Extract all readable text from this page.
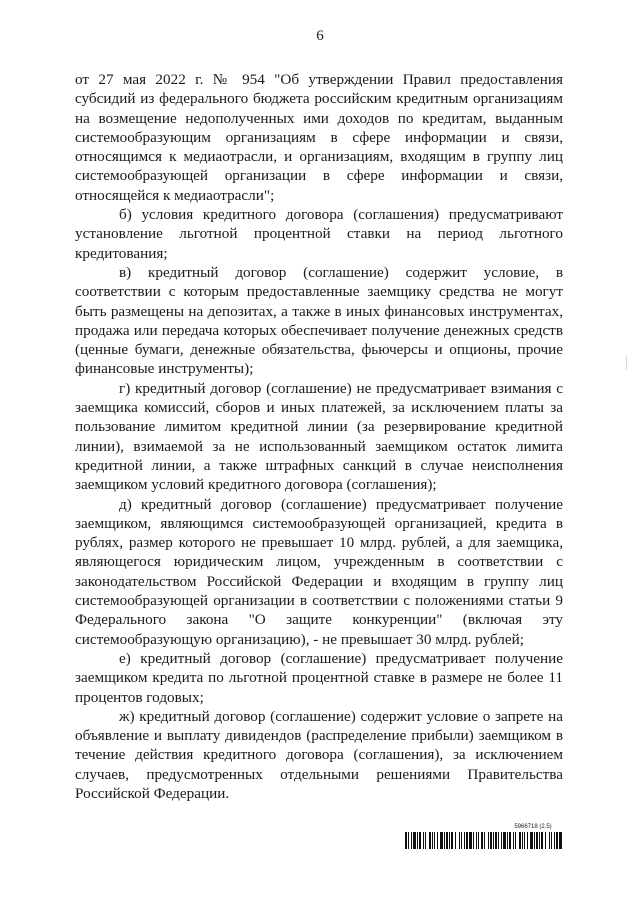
6

от 27 мая 2022 г. № 954 "Об утверждении Правил предоставления субсидий из федерального бюджета российским кредитным организациям на возмещение недополученных ими доходов по кредитам, выданным системообразующим организациям в сфере информации и связи, относящимся к медиаотрасли, и организациям, входящим в группу лиц системообразующей организации в сфере информации и связи, относящейся к медиаотрасли";

б) условия кредитного договора (соглашения) предусматривают установление льготной процентной ставки на период льготного кредитования;

в) кредитный договор (соглашение) содержит условие, в соответствии с которым предоставленные заемщику средства не могут быть размещены на депозитах, а также в иных финансовых инструментах, продажа или передача которых обеспечивает получение денежных средств (ценные бумаги, денежные обязательства, фьючерсы и опционы, прочие финансовые инструменты);

г) кредитный договор (соглашение) не предусматривает взимания с заемщика комиссий, сборов и иных платежей, за исключением платы за пользование лимитом кредитной линии (за резервирование кредитной линии), взимаемой за не использованный заемщиком остаток лимита кредитной линии, а также штрафных санкций в случае неисполнения заемщиком условий кредитного договора (соглашения);

д) кредитный договор (соглашение) предусматривает получение заемщиком, являющимся системообразующей организацией, кредита в рублях, размер которого не превышает 10 млрд. рублей, а для заемщика, являющегося юридическим лицом, учрежденным в соответствии с законодательством Российской Федерации и входящим в группу лиц системообразующей организации в соответствии с положениями статьи 9 Федерального закона "О защите конкуренции" (включая эту системообразующую организацию), - не превышает 30 млрд. рублей;

е) кредитный договор (соглашение) предусматривает получение заемщиком кредита по льготной процентной ставке в размере не более 11 процентов годовых;

ж) кредитный договор (соглашение) содержит условие о запрете на объявление и выплату дивидендов (распределение прибыли) заемщиком в течение действия кредитного договора (соглашения), за исключением случаев, предусмотренных отдельными решениями Правительства Российской Федерации.

5966718 (2.5)
